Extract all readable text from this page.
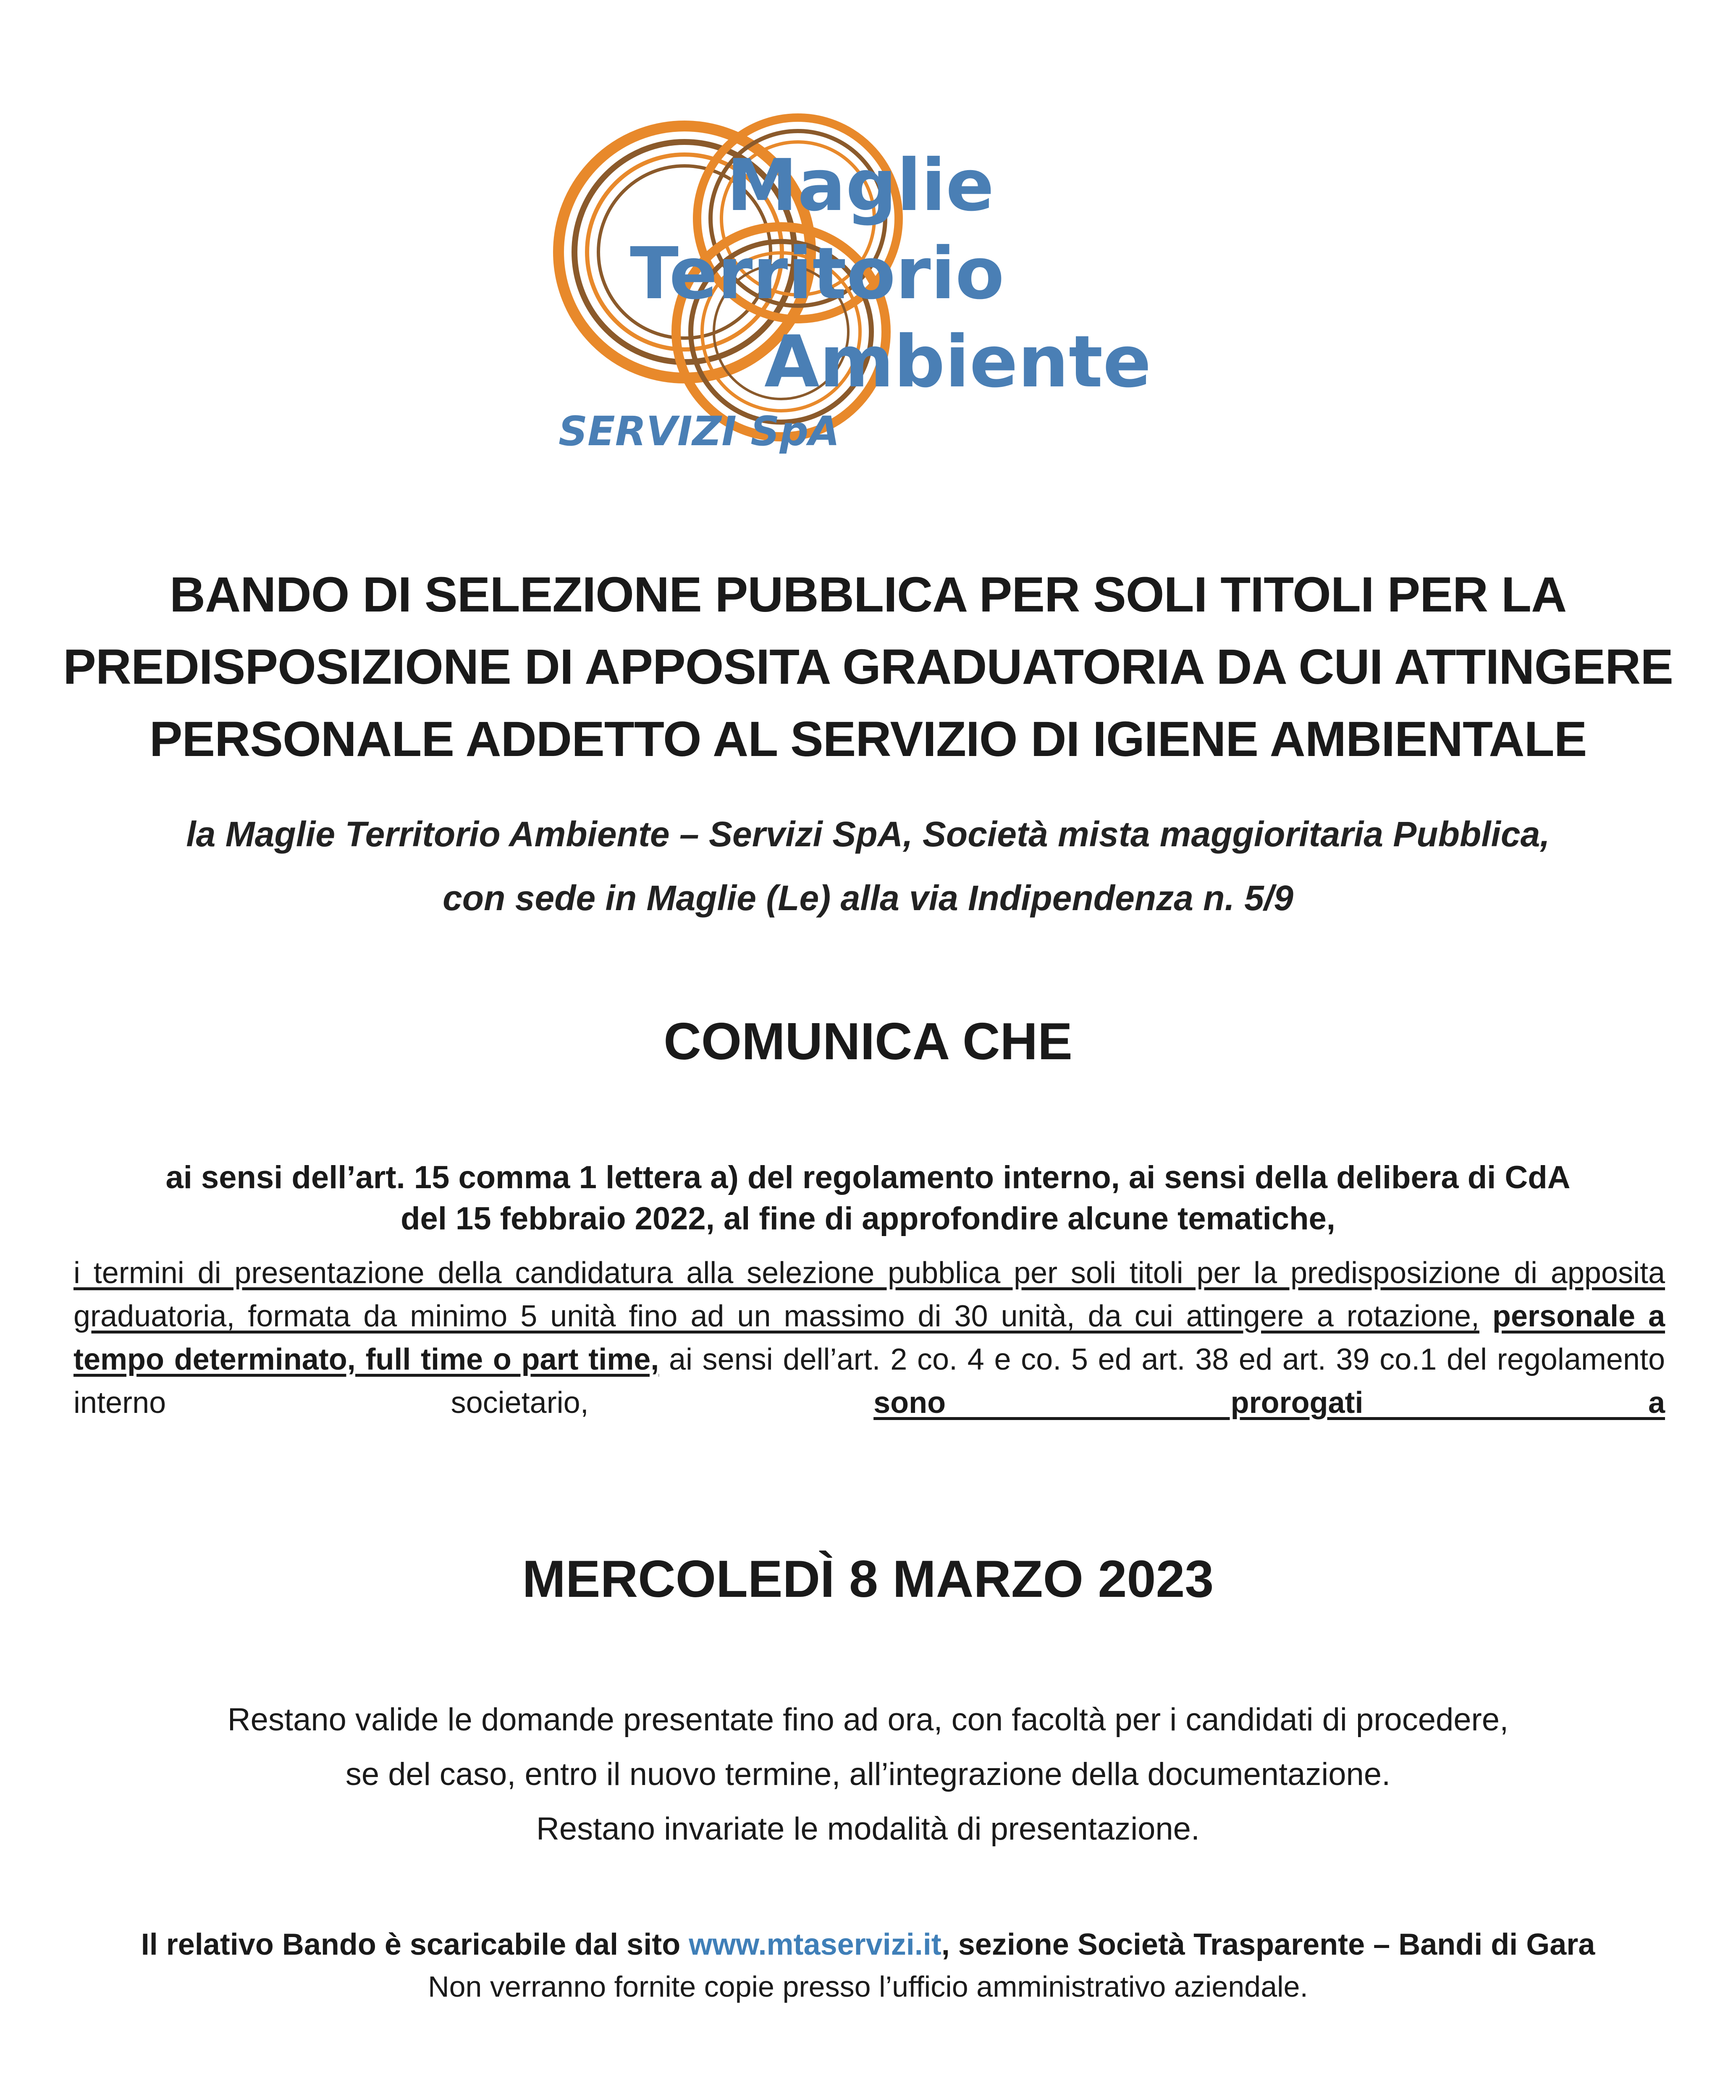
Maglie
Territorio
Ambiente
SERVIZI SpA
BANDO DI SELEZIONE PUBBLICA PER SOLI TITOLI PER LA
PREDISPOSIZIONE DI APPOSITA GRADUATORIA DA CUI ATTINGERE
PERSONALE ADDETTO AL SERVIZIO DI IGIENE AMBIENTALE
la Maglie Territorio Ambiente – Servizi SpA, Società mista maggioritaria Pubblica,
con sede in Maglie (Le) alla via Indipendenza n. 5/9
COMUNICA CHE
ai sensi dell’art. 15 comma 1 lettera a) del regolamento interno, ai sensi della delibera di CdA
del 15 febbraio 2022, al fine di approfondire alcune tematiche,

i termini di presentazione della candidatura alla selezione pubblica per soli titoli per la predisposizione di apposita graduatoria, formata da minimo 5 unità fino ad un massimo di 30 unità, da cui attingere a rotazione, personale a tempo determinato, full time o part time, ai sensi dell’art. 2 co. 4 e co. 5 ed art. 38 ed art. 39 co.1 del regolamento interno societario,	sono prorogati a

MERCOLEDÌ 8 MARZO 2023
Restano valide le domande presentate fino ad ora, con facoltà per i candidati di procedere,
se del caso, entro il nuovo termine, all’integrazione della documentazione.
Restano invariate le modalità di presentazione.
Il relativo Bando è scaricabile dal sito www.mtaservizi.it, sezione Società Trasparente – Bandi di Gara
Non verranno fornite copie presso l’ufficio amministrativo aziendale.
